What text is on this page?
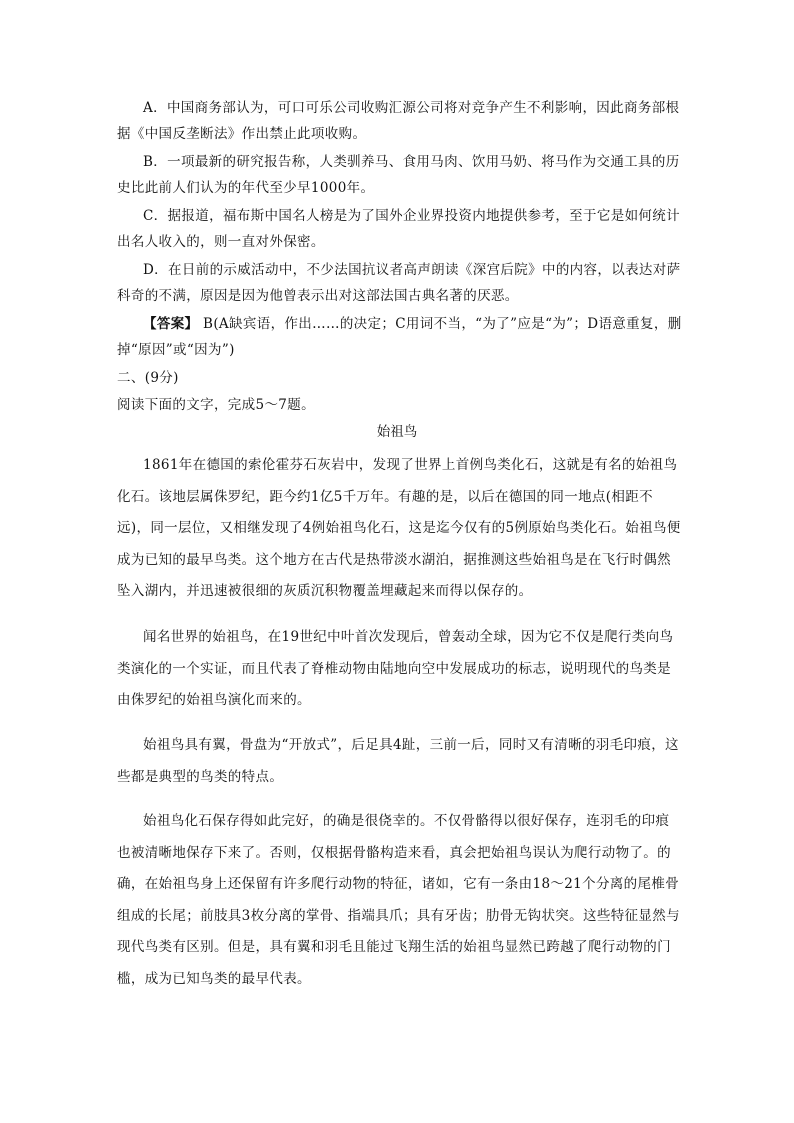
A．中国商务部认为，可口可乐公司收购汇源公司将对竞争产生不利影响，因此商务部根据《中国反垄断法》作出禁止此项收购。

B．一项最新的研究报告称，人类驯养马、食用马肉、饮用马奶、将马作为交通工具的历史比此前人们认为的年代至少早1000年。

C．据报道，福布斯中国名人榜是为了国外企业界投资内地提供参考，至于它是如何统计出名人收入的，则一直对外保密。

D．在日前的示威活动中，不少法国抗议者高声朗读《深宫后院》中的内容，以表达对萨科奇的不满，原因是因为他曾表示出对这部法国古典名著的厌恶。

【答案】 B(A缺宾语，作出……的决定；C用词不当，“为了”应是“为”；D语意重复，删掉“原因”或“因为”)

二、(9分)

阅读下面的文字，完成5～7题。

始祖鸟

1861年在德国的索伦霍芬石灰岩中，发现了世界上首例鸟类化石，这就是有名的始祖鸟化石。该地层属侏罗纪，距今约1亿5千万年。有趣的是，以后在德国的同一地点(相距不远)，同一层位，又相继发现了4例始祖鸟化石，这是迄今仅有的5例原始鸟类化石。始祖鸟便成为已知的最早鸟类。这个地方在古代是热带淡水湖泊，据推测这些始祖鸟是在飞行时偶然坠入湖内，并迅速被很细的灰质沉积物覆盖埋藏起来而得以保存的。

闻名世界的始祖鸟，在19世纪中叶首次发现后，曾轰动全球，因为它不仅是爬行类向鸟类演化的一个实证，而且代表了脊椎动物由陆地向空中发展成功的标志，说明现代的鸟类是由侏罗纪的始祖鸟演化而来的。

始祖鸟具有翼，骨盘为“开放式”，后足具4趾，三前一后，同时又有清晰的羽毛印痕，这些都是典型的鸟类的特点。

始祖鸟化石保存得如此完好，的确是很侥幸的。不仅骨骼得以很好保存，连羽毛的印痕也被清晰地保存下来了。否则，仅根据骨骼构造来看，真会把始祖鸟误认为爬行动物了。的确，在始祖鸟身上还保留有许多爬行动物的特征，诸如，它有一条由18～21个分离的尾椎骨组成的长尾；前肢具3枚分离的掌骨、指端具爪；具有牙齿；肋骨无钩状突。这些特征显然与现代鸟类有区别。但是，具有翼和羽毛且能过飞翔生活的始祖鸟显然已跨越了爬行动物的门槛，成为已知鸟类的最早代表。
